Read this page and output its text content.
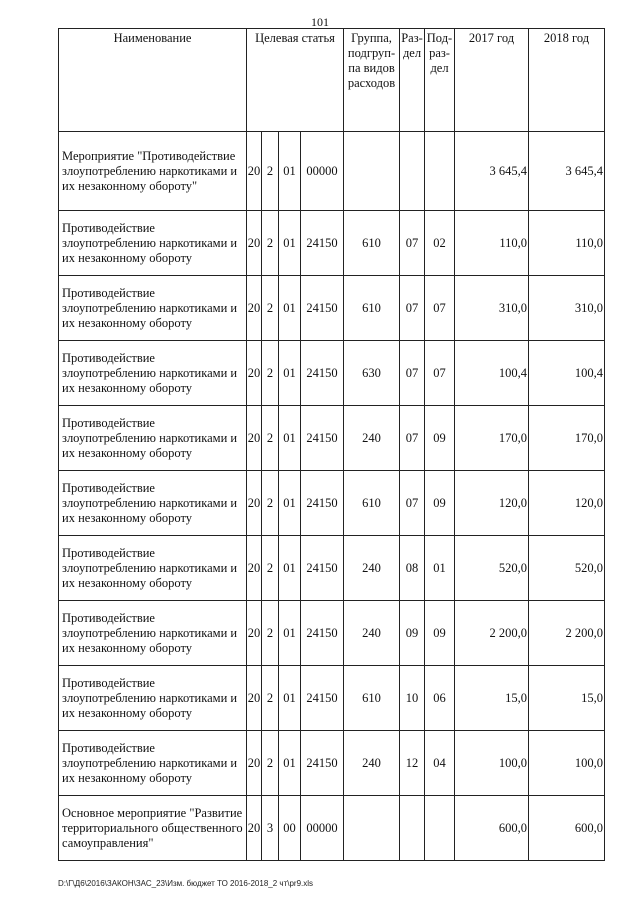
101
Наименование	Целевая статья				Группа, подгруп-па видов расходов	Раз-дел	Под-раз-дел	2017 год	2018 год
Мероприятие "Противодействие злоупотреблению наркотиками и их незаконному обороту"	20	2	01	00000				3 645,4	3 645,4
Противодействие злоупотреблению наркотиками и их незаконному обороту	20	2	01	24150	610	07	02	110,0	110,0
Противодействие злоупотреблению наркотиками и их незаконному обороту	20	2	01	24150	610	07	07	310,0	310,0
Противодействие злоупотреблению наркотиками и их незаконному обороту	20	2	01	24150	630	07	07	100,4	100,4
Противодействие злоупотреблению наркотиками и их незаконному обороту	20	2	01	24150	240	07	09	170,0	170,0
Противодействие злоупотреблению наркотиками и их незаконному обороту	20	2	01	24150	610	07	09	120,0	120,0
Противодействие злоупотреблению наркотиками и их незаконному обороту	20	2	01	24150	240	08	01	520,0	520,0
Противодействие злоупотреблению наркотиками и их незаконному обороту	20	2	01	24150	240	09	09	2 200,0	2 200,0
Противодействие злоупотреблению наркотиками и их незаконному обороту	20	2	01	24150	610	10	06	15,0	15,0
Противодействие злоупотреблению наркотиками и их незаконному обороту	20	2	01	24150	240	12	04	100,0	100,0
Основное мероприятие "Развитие территориального общественного самоуправления"	20	3	00	00000				600,0	600,0
D:\Г\Д6\2016\ЗАКОН\ЗАС_23\Изм. бюджет ТО 2016-2018_2 чт\pr9.xls
